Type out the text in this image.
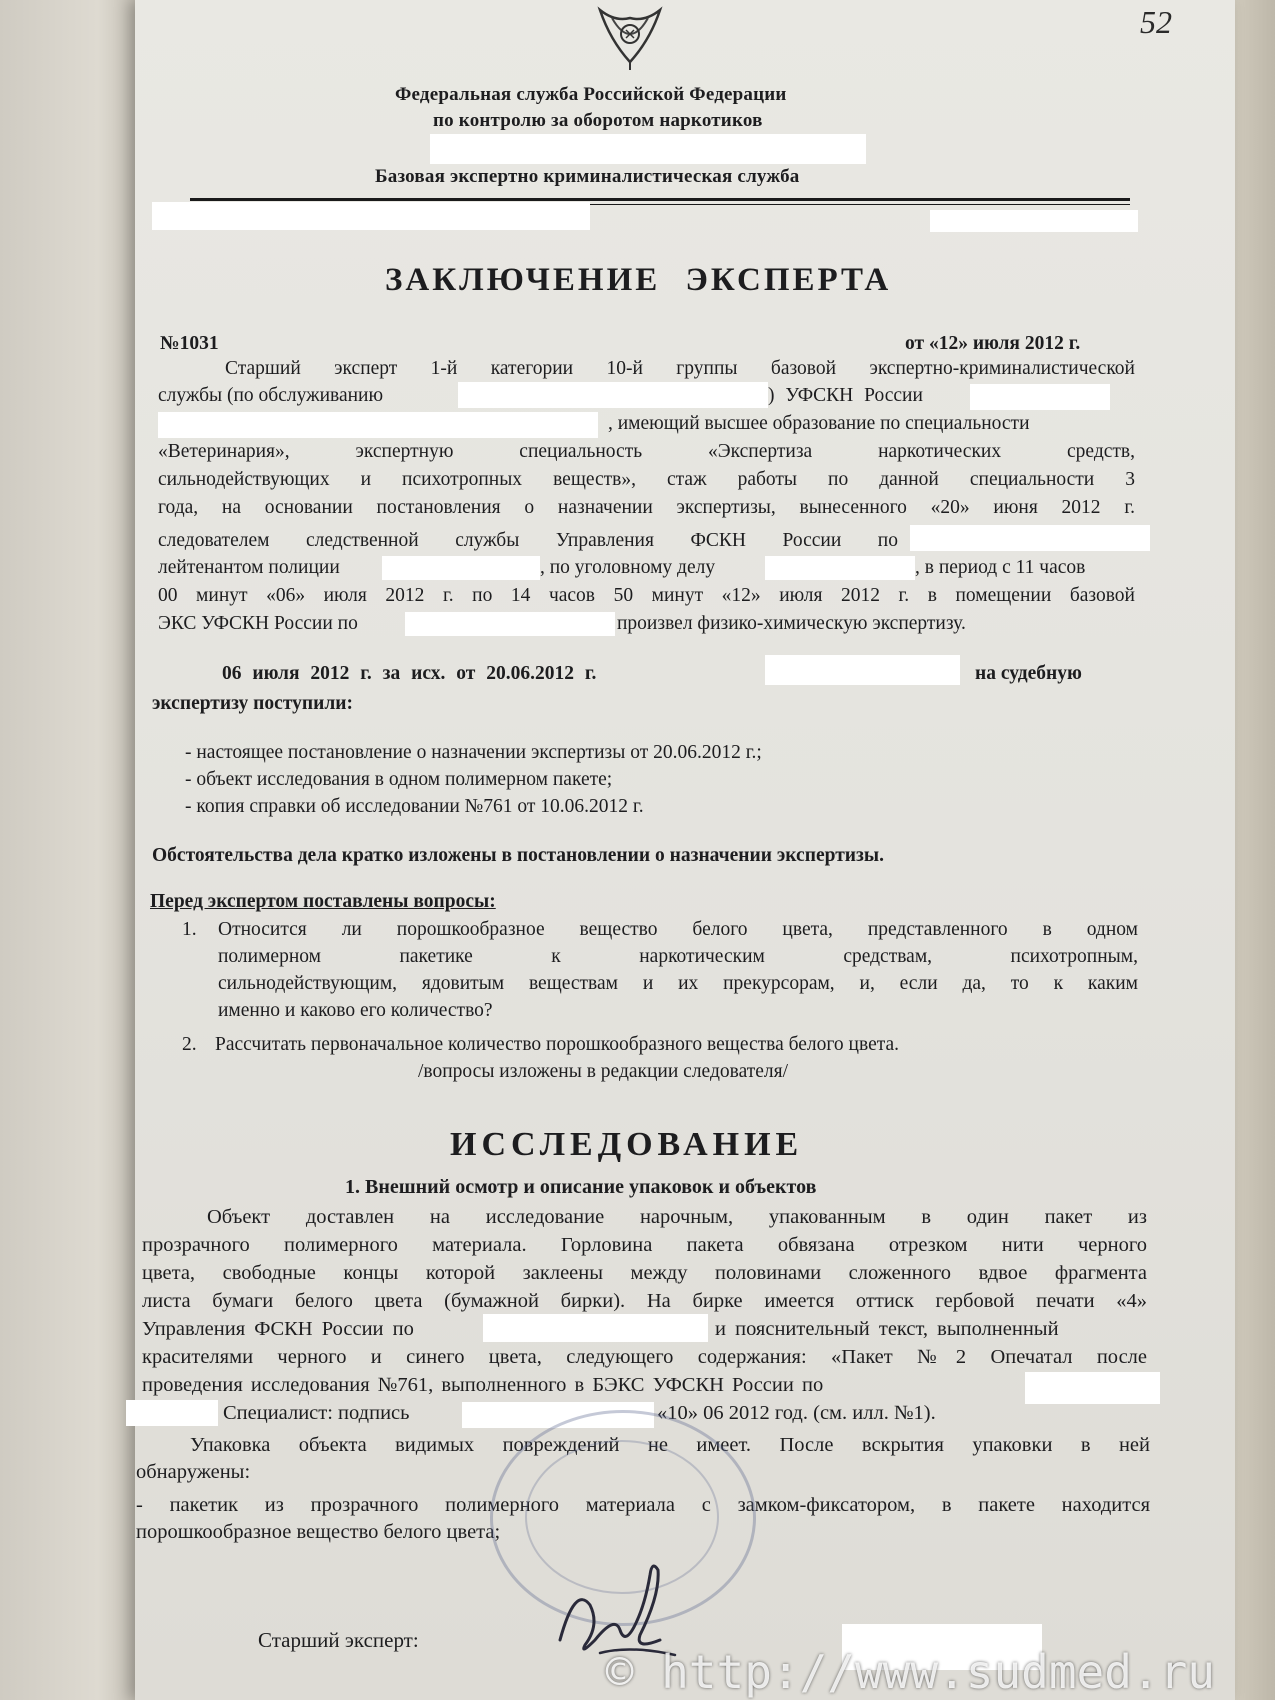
52
Федеральная служба Российской Федерации
по контролю за оборотом наркотиков
Базовая экспертно криминалистическая служба
ЗАКЛЮЧЕНИЕ ЭКСПЕРТА
№1031	от «12» июля 2012 г.
Старший эксперт 1-й категории 10-й группы базовой экспертно-криминалистической
службы (по обслуживанию	) УФСКН России
, имеющий высшее образование по специальности
«Ветеринария», экспертную специальность «Экспертиза наркотических средств,
сильнодействующих и психотропных веществ», стаж работы по данной специальности 3
года, на основании постановления о назначении экспертизы, вынесенного «20» июня 2012 г.
следователем следственной службы Управления ФСКН России по
лейтенантом полиции	, по уголовному делу	, в период с 11 часов
00 минут «06» июля 2012 г. по 14 часов 50 минут «12» июля 2012 г. в помещении базовой
ЭКС УФСКН России по	произвел физико-химическую экспертизу.
06 июля 2012 г. за исх. от 20.06.2012 г.	на судебную
экспертизу поступили:
- настоящее постановление о назначении экспертизы от 20.06.2012 г.;
- объект исследования в одном полимерном пакете;
- копия справки об исследовании №761 от 10.06.2012 г.
Обстоятельства дела кратко изложены в постановлении о назначении экспертизы.
Перед экспертом поставлены вопросы:
1. Относится ли порошкообразное вещество белого цвета, представленного в одном
полимерном пакетике к наркотическим средствам, психотропным,
сильнодействующим, ядовитым веществам и их прекурсорам, и, если да, то к каким
именно и каково его количество?
2. Рассчитать первоначальное количество порошкообразного вещества белого цвета.
/вопросы изложены в редакции следователя/
ИССЛЕДОВАНИЕ
1. Внешний осмотр и описание упаковок и объектов
Объект доставлен на исследование нарочным, упакованным в один пакет из
прозрачного полимерного материала. Горловина пакета обвязана отрезком нити черного
цвета, свободные концы которой заклеены между половинами сложенного вдвое фрагмента
листа бумаги белого цвета (бумажной бирки). На бирке имеется оттиск гербовой печати «4»
Управления ФСКН России по	и пояснительный текст, выполненный
красителями черного и синего цвета, следующего содержания: «Пакет №2 Опечатал после
проведения исследования №761, выполненного в БЭКС УФСКН России по
Специалист: подпись	«10» 06 2012 год. (см. илл. №1).
Упаковка объекта видимых повреждений не имеет. После вскрытия упаковки в ней
обнаружены:
- пакетик из прозрачного полимерного материала с замком-фиксатором, в пакете находится
порошкообразное вещество белого цвета;
Старший эксперт:
© http://www.sudmed.ru
